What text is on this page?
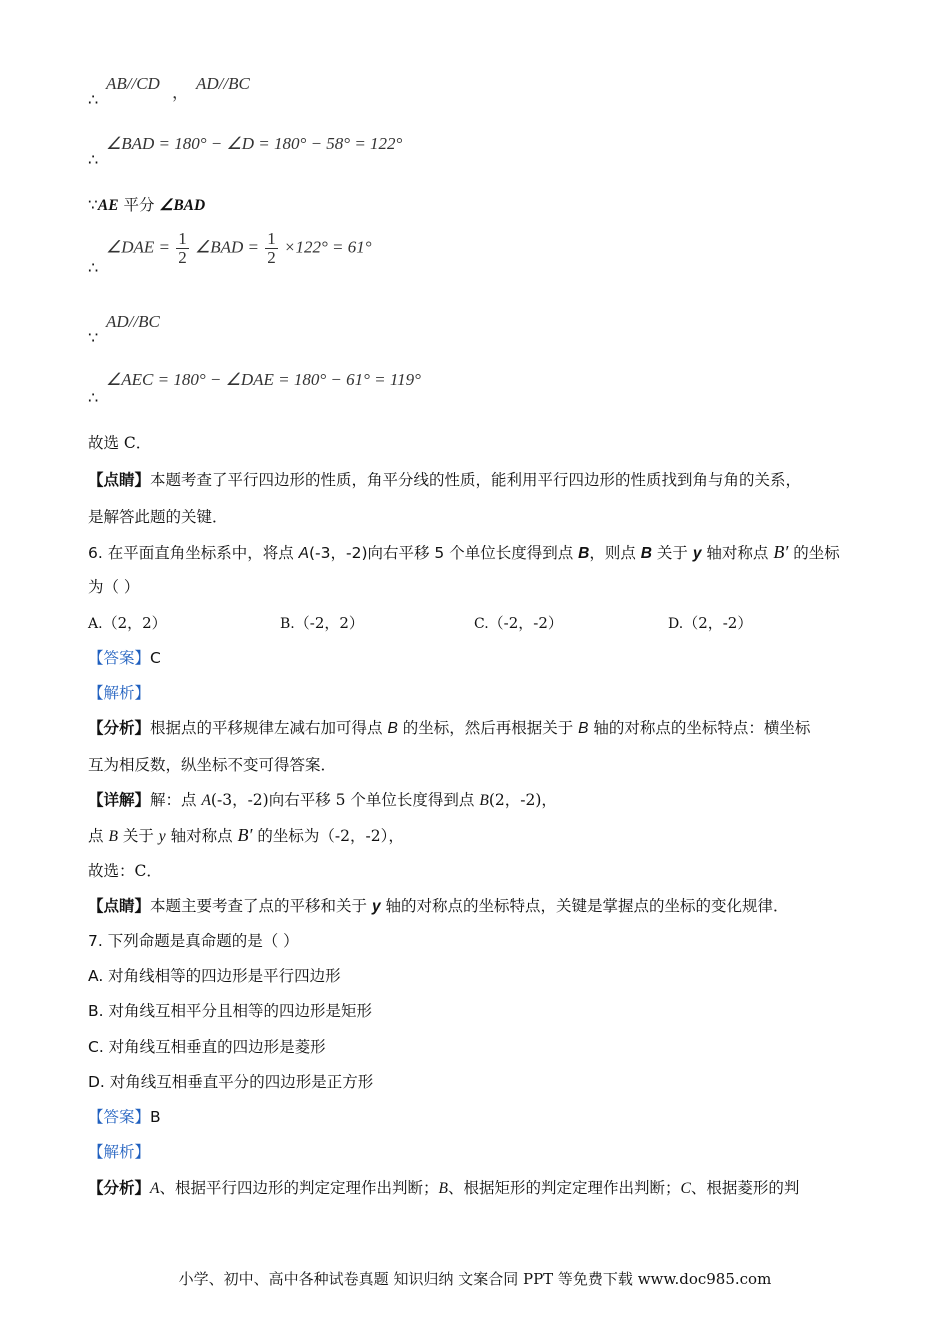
∴
AB//CD ， AD//BC
∴
∠BAD = 180° − ∠D = 180° − 58° = 122°
∵AE 平分 ∠BAD
∴
∠DAE = $\frac{1}{2}$ ∠BAD = $\frac{1}{2} \times 122^\circ = 61^\circ$
∵
AD//BC
∴
∠AEC = 180° − ∠DAE = 180° − 61° = 119°
故选 C．
【点睛】本题考查了平行四边形的性质，角平分线的性质，能利用平行四边形的性质找到角与角的关系，
是解答此题的关键．
6. 在平面直角坐标系中，将点 A(-3，-2)向右平移 5 个单位长度得到点 B，则点 B 关于 y 轴对称点 B′ 的坐标
为（ ）
A.（2，2）	B.（-2，2）	C.（-2，-2）	D.（2，-2）
【答案】C
【解析】
【分析】根据点的平移规律左减右加可得点 B 的坐标，然后再根据关于 B 轴的对称点的坐标特点：横坐标
互为相反数，纵坐标不变可得答案．
【详解】解：点 A(-3，-2)向右平移 5 个单位长度得到点 B(2，-2)，
点 B 关于 y 轴对称点 B′ 的坐标为（-2，-2），
故选：C．
【点睛】本题主要考查了点的平移和关于 y 轴的对称点的坐标特点，关键是掌握点的坐标的变化规律．
7. 下列命题是真命题的是（ ）
A. 对角线相等的四边形是平行四边形
B. 对角线互相平分且相等的四边形是矩形
C. 对角线互相垂直的四边形是菱形
D. 对角线互相垂直平分的四边形是正方形
【答案】B
【解析】
【分析】A、根据平行四边形的判定定理作出判断；B、根据矩形的判定定理作出判断；C、根据菱形的判
小学、初中、高中各种试卷真题 知识归纳 文案合同 PPT 等免费下载 www.doc985.com
